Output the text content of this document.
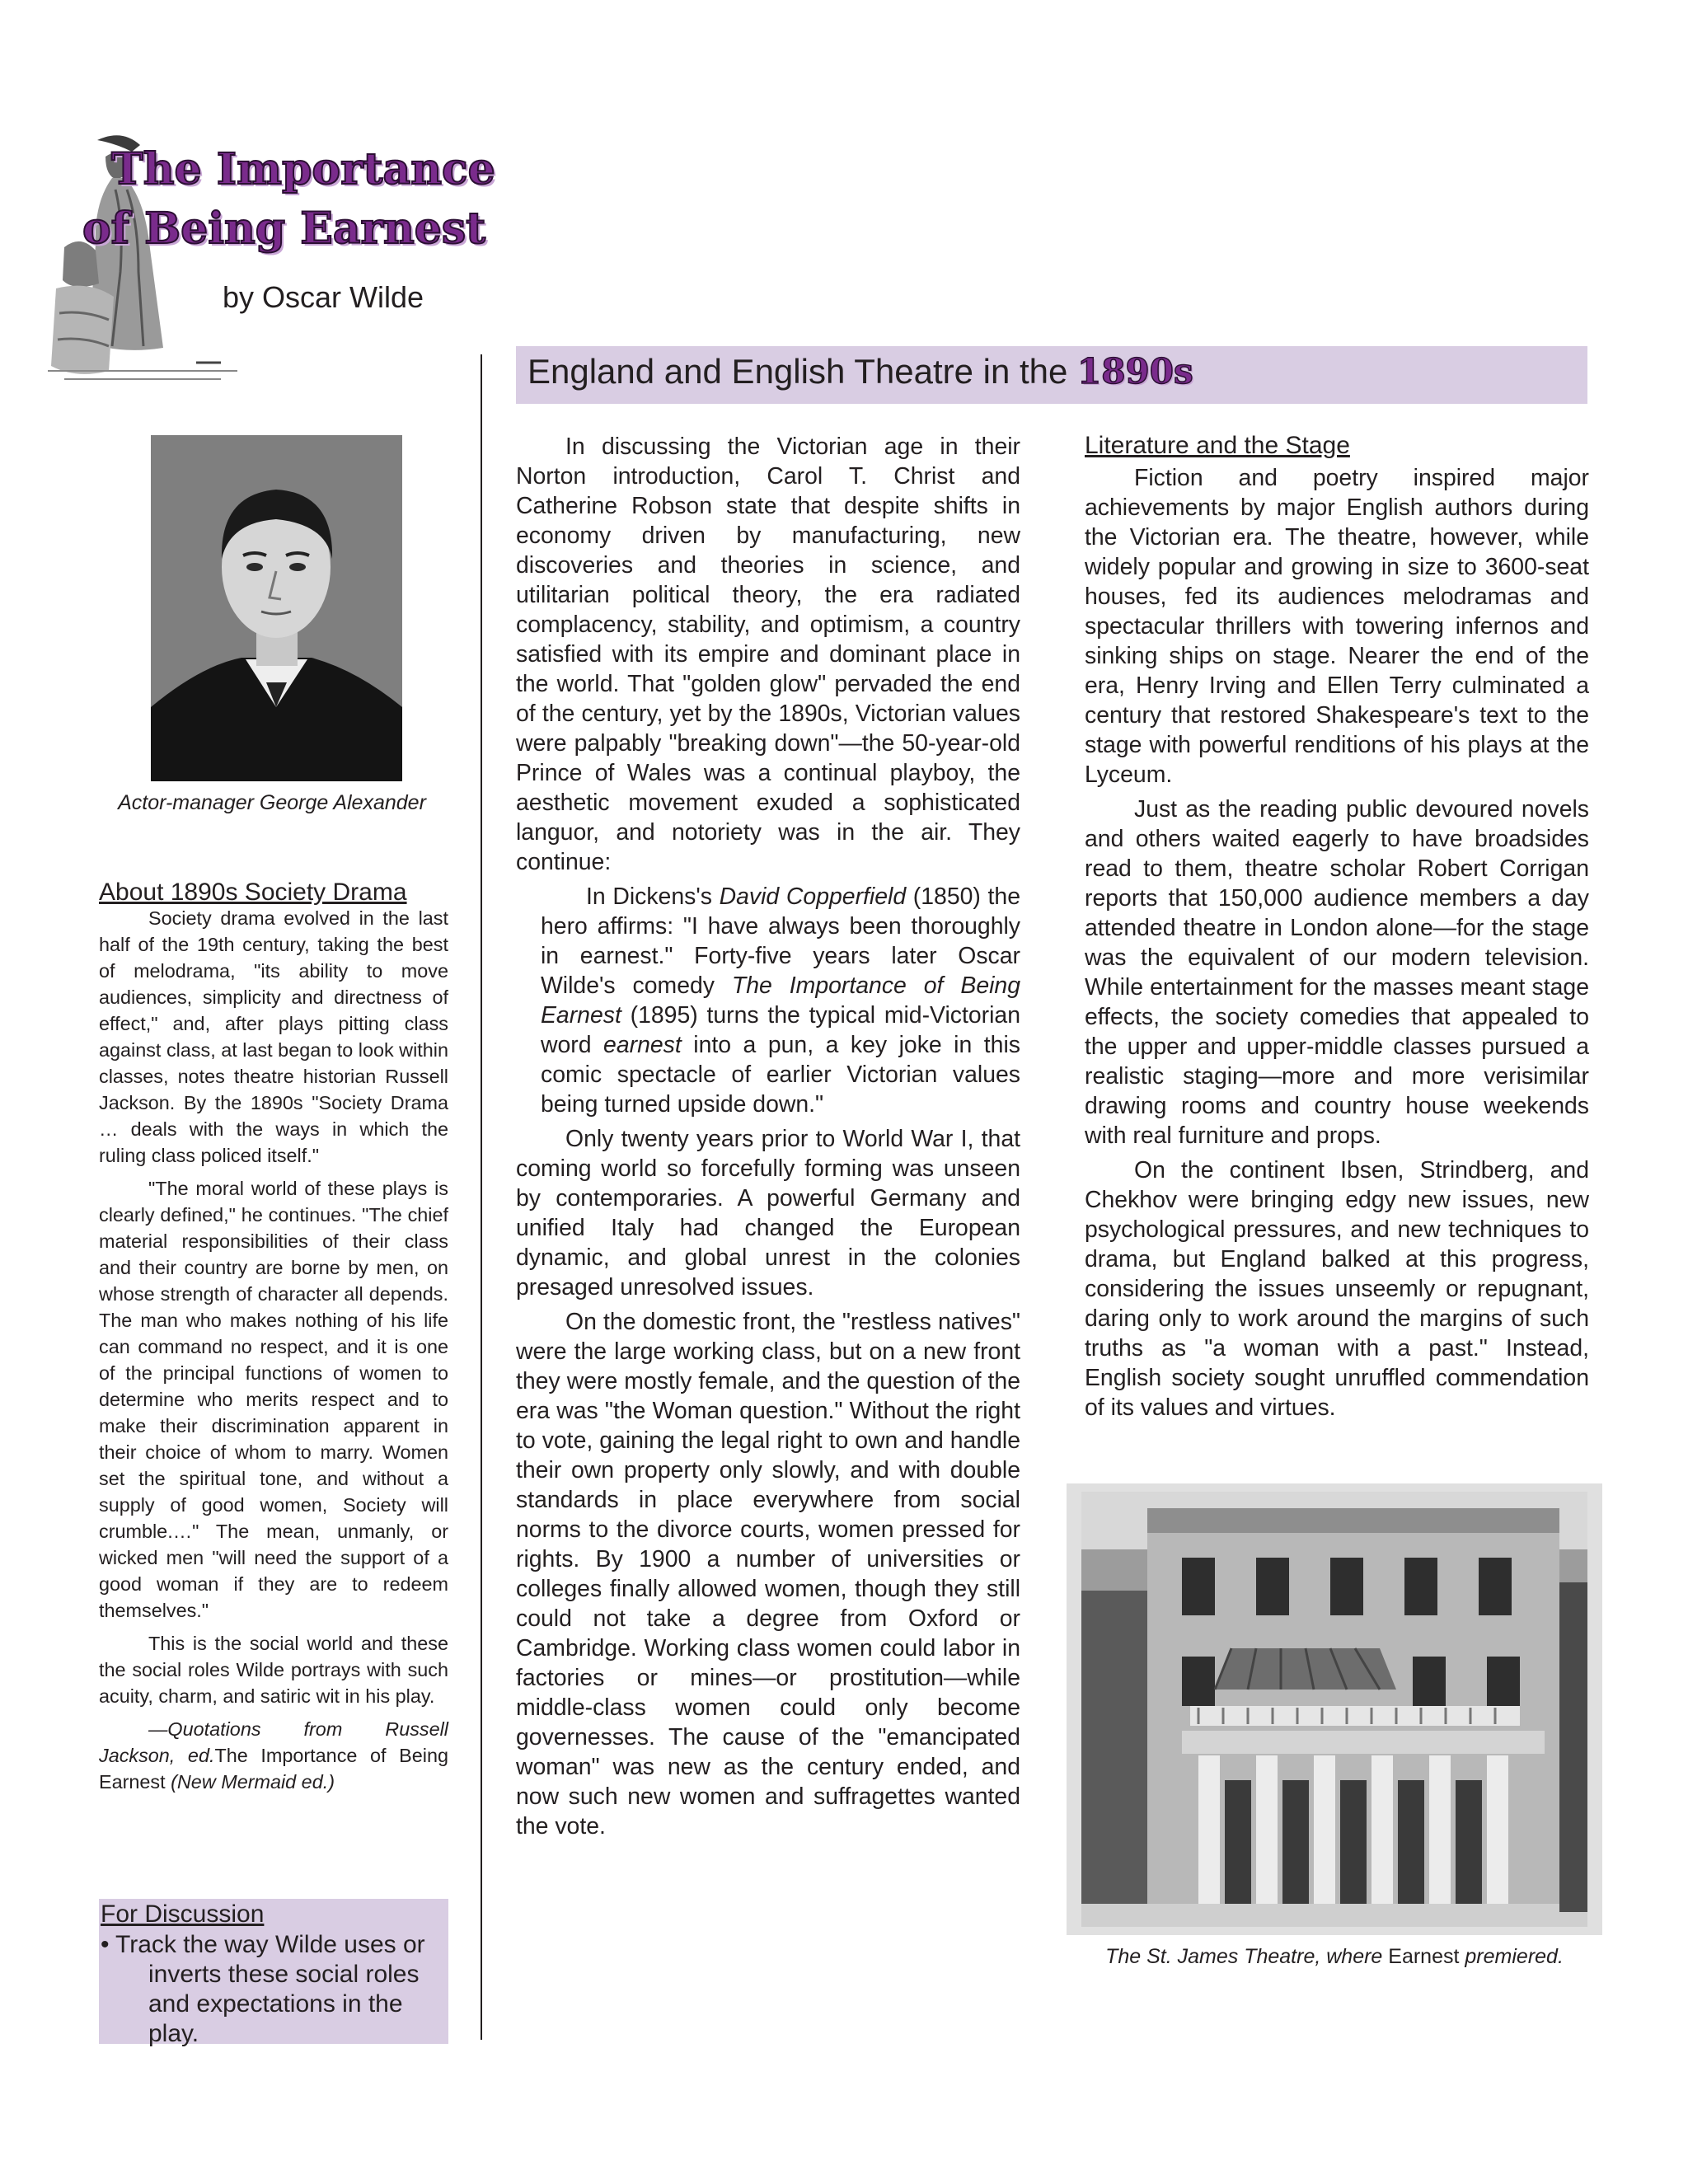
The Importance
of Being Earnest
by Oscar Wilde
England and English Theatre in the 1890s
Actor-manager George Alexander
About 1890s Society Drama

Society drama evolved in the last half of the 19th century, taking the best of melodrama, "its ability to move audiences, simplicity and directness of effect," and, after plays pitting class against class, at last began to look within classes, notes theatre historian Russell Jackson. By the 1890s "Society Drama … deals with the ways in which the ruling class policed itself."

"The moral world of these plays is clearly defined," he continues. "The chief material responsibilities of their class and their country are borne by men, on whose strength of character all depends. The man who makes nothing of his life can command no respect, and it is one of the principal functions of women to determine who merits respect and to make their discrimination apparent in their choice of whom to marry. Women set the spiritual tone, and without a supply of good women, Society will crumble.…" The mean, unmanly, or wicked men "will need the support of a good woman if they are to redeem themselves."

This is the social world and these the social roles Wilde portrays with such acuity, charm, and satiric wit in his play.

—Quotations from Russell Jackson, ed.The Importance of Being Earnest (New Mermaid ed.)

For Discussion
• Track the way Wilde uses or
inverts these social roles
and expectations in the play.

In discussing the Victorian age in their Norton introduction, Carol T. Christ and Catherine Robson state that despite shifts in economy driven by manufacturing, new discoveries and theories in science, and utilitarian political theory, the era radiated complacency, stability, and optimism, a country satisfied with its empire and dominant place in the world. That "golden glow" pervaded the end of the century, yet by the 1890s, Victorian values were palpably "breaking down"—the 50-year-old Prince of Wales was a continual playboy, the aesthetic movement exuded a sophisticated languor, and notoriety was in the air. They continue:

In Dickens's David Copperfield (1850) the hero affirms: "I have always been thoroughly in earnest." Forty-five years later Oscar Wilde's comedy The Importance of Being Earnest (1895) turns the typical mid-Victorian word earnest into a pun, a key joke in this comic spectacle of earlier Victorian values being turned upside down."

Only twenty years prior to World War I, that coming world so forcefully forming was unseen by contemporaries. A powerful Germany and unified Italy had changed the European dynamic, and global unrest in the colonies presaged unresolved issues.

On the domestic front, the "restless natives" were the large working class, but on a new front they were mostly female, and the question of the era was "the Woman question." Without the right to vote, gaining the legal right to own and handle their own property only slowly, and with double standards in place everywhere from social norms to the divorce courts, women pressed for rights. By 1900 a number of universities or colleges finally allowed women, though they still could not take a degree from Oxford or Cambridge. Working class women could labor in factories or mines—or prostitution—while middle-class women could only become governesses. The cause of the "emancipated woman" was new as the century ended, and now such new women and suffragettes wanted the vote.

Literature and the Stage

Fiction and poetry inspired major achievements by major English authors during the Victorian era. The theatre, however, while widely popular and growing in size to 3600-seat houses, fed its audiences melodramas and spectacular thrillers with towering infernos and sinking ships on stage. Nearer the end of the era, Henry Irving and Ellen Terry culminated a century that restored Shakespeare's text to the stage with powerful renditions of his plays at the Lyceum.

Just as the reading public devoured novels and others waited eagerly to have broadsides read to them, theatre scholar Robert Corrigan reports that 150,000 audience members a day attended theatre in London alone—for the stage was the equivalent of our modern television. While entertainment for the masses meant stage effects, the society comedies that appealed to the upper and upper-middle classes pursued a realistic staging—more and more verisimilar drawing rooms and country house weekends with real furniture and props.

On the continent Ibsen, Strindberg, and Chekhov were bringing edgy new issues, new psychological pressures, and new techniques to drama, but England balked at this progress, considering the issues unseemly or repugnant, daring only to work around the margins of such truths as "a woman with a past." Instead, English society sought unruffled commendation of its values and virtues.

The St. James Theatre, where Earnest premiered.
